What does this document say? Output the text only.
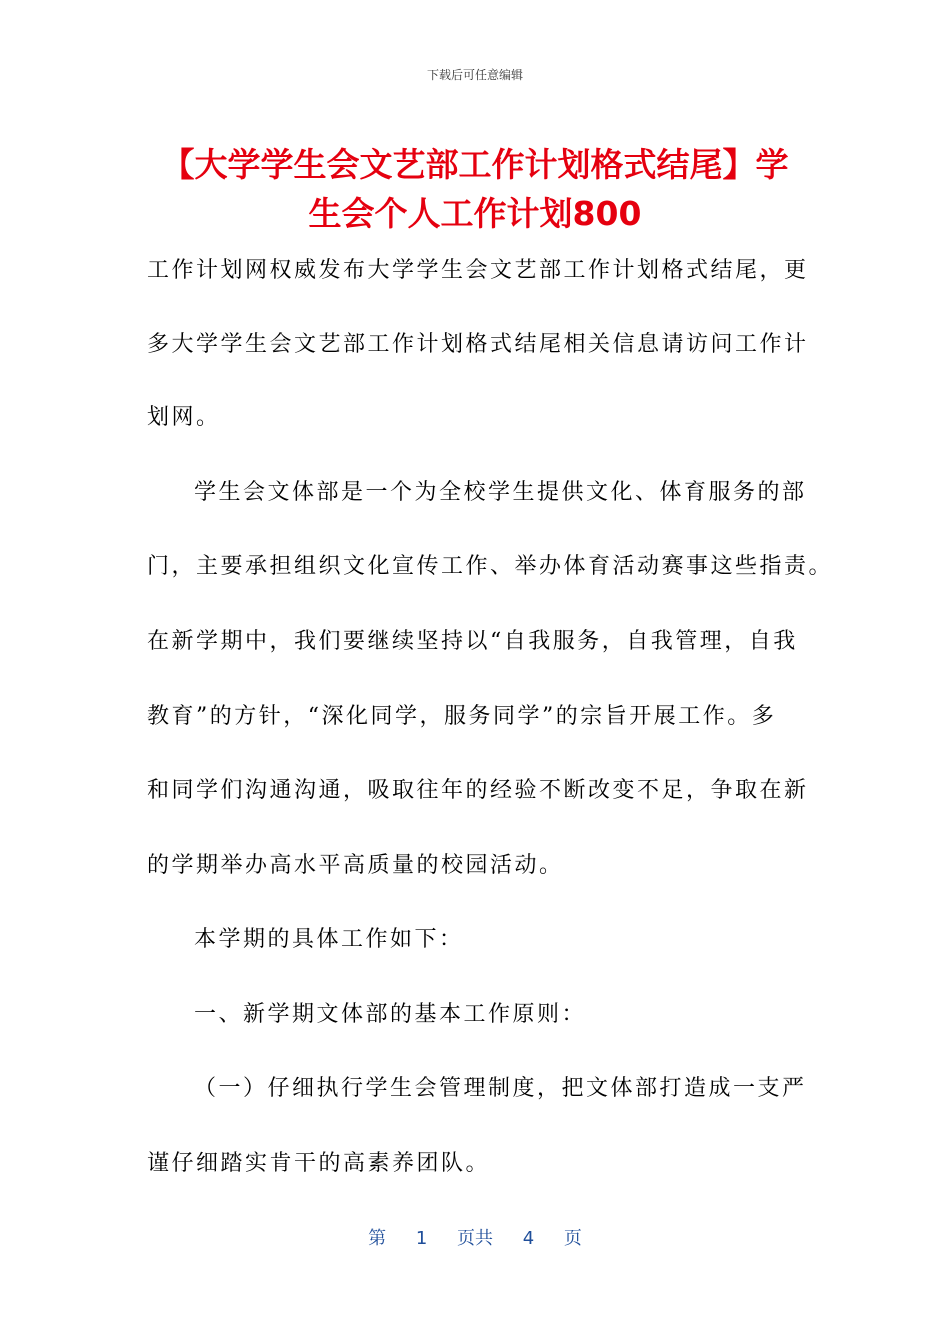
下载后可任意编辑
【大学学生会文艺部工作计划格式结尾】学
生会个人工作计划800
工作计划网权威发布大学学生会文艺部工作计划格式结尾，更
多大学学生会文艺部工作计划格式结尾相关信息请访问工作计
划网。
学生会文体部是一个为全校学生提供文化、体育服务的部
门，主要承担组织文化宣传工作、举办体育活动赛事这些指责。
在新学期中，我们要继续坚持以“自我服务，自我管理，自我
教育”的方针，“深化同学，服务同学”的宗旨开展工作。多
和同学们沟通沟通，吸取往年的经验不断改变不足，争取在新
的学期举办高水平高质量的校园活动。
本学期的具体工作如下：
一、新学期文体部的基本工作原则：
（一）仔细执行学生会管理制度，把文体部打造成一支严
谨仔细踏实肯干的高素养团队。
第 1 页共 4 页
